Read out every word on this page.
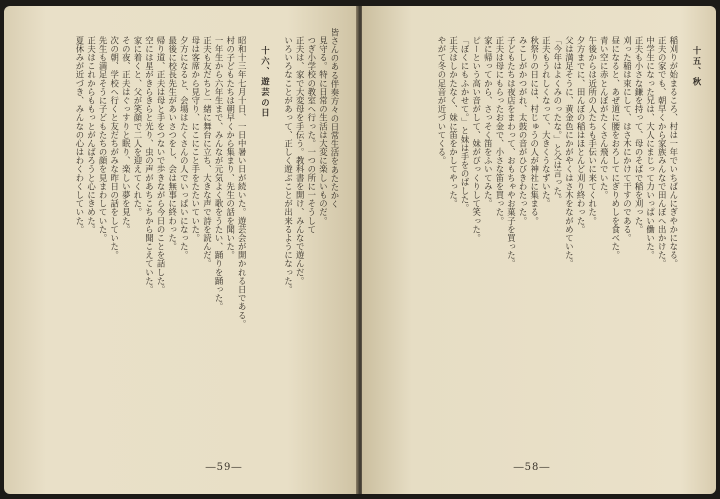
皆さんのある伴奏方々の日常生活をあたたかく
見守る。特に日常の生活は大変に楽しいものだ。
つぎ小学校の教室へ行った。一つの所に一そうして
正夫は、家で大変母を手伝う。教科書を開け、みんなで遊んだ。
いろいろなことがあって、正しく遊ぶことが出来るようになった。

十六、遊芸の日

昭和十三年七月十日、一日中暑い日が続いた。遊芸会が開かれる日である。
村の子どもたちは朝早くから集まり、先生の話を聞いた。
一年生から六年生まで、みんなが元気よく歌をうたい、踊りを踊った。
正夫も友だちと一緒に舞台に立ち、大きな声で詩を読んだ。
母は客席から見守り、にこにこと手をたたいていた。
夕方になると、会場はたくさんの人でいっぱいになった。
最後に校長先生があいさつをし、会は無事に終わった。
帰り道、正夫は母と手をつないで歩きながら今日のことを話した。
空には星がきらきらと光り、虫の声があちこちから聞こえていた。
家に着くと、父が笑顔で二人を迎えてくれた。
その夜、正夫はぐっすりと眠り、楽しい夢を見た。
次の朝、学校へ行くと友だちがみな昨日の話をしていた。
先生も満足そうに子どもたちの顔を見まわしていた。
正夫はこれからももっとがんばろうと心にきめた。
夏休みが近づき、みんなの心はわくわくしていた。
―59―
十五、秋

稲刈りが始まるころ、村は一年でいちばんにぎやかになる。
正夫の家でも、朝早くから家族みんなで田んぼへ出かけた。
中学生になった兄は、大人にまじって力いっぱい働いた。
正夫も小さな鎌を持って、母のそばで稲を刈った。
刈った稲は束にして、はさ木にかけて干すのである。
昼になると、あぜ道に腰をおろしてにぎりめしを食べた。
青い空に赤とんぼがたくさん飛んでいた。
午後からは近所の人たちも手伝いに来てくれた。
夕方までに、田んぼの稲はほとんど刈り終わった。
父は満足そうに、黄金色にかがやくはさ木をながめていた。
「今年はよくみのったな。」と父は言った。
正夫もうれしくなって、大きくうなずいた。
秋祭りの日には、村じゅうの人が神社に集まる。
みこしがかつがれ、太鼓の音がひびきわたった。
子どもたちは夜店をまわって、おもちゃやお菓子を買った。
正夫は母にもらったお金で、小さな笛を買った。
家に帰ってから、さっそく笛をふいてみた。
ピーという高い音がして、妹がびっくりして笑った。
「ぼくにもふかせて。」と妹は手をのばした。
正夫はしかたなく、妹に笛をかしてやった。
やがて冬の足音が近づいてくる。
―58―
